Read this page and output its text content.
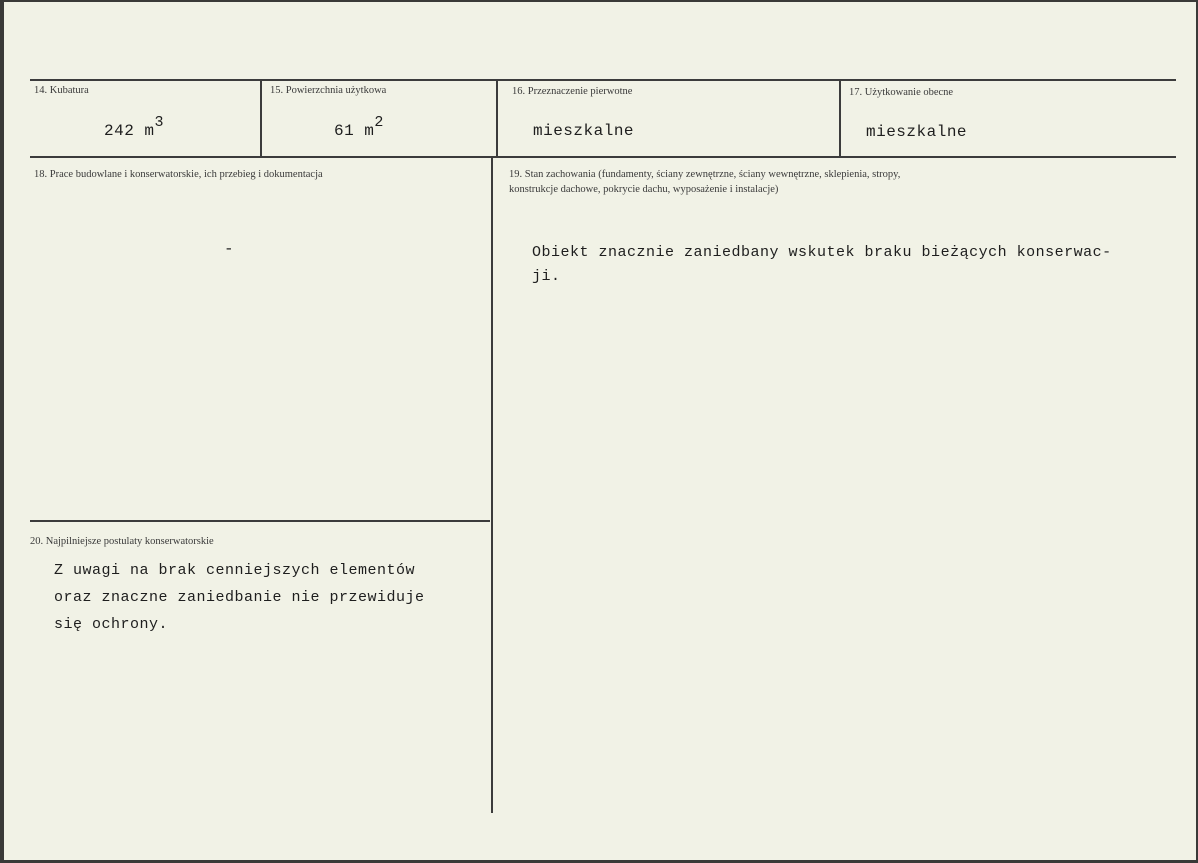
14. Kubatura
242 m3
15. Powierzchnia użytkowa
61 m2
16. Przeznaczenie pierwotne
mieszkalne
17. Użytkowanie obecne
mieszkalne
18. Prace budowlane i konserwatorskie, ich przebieg i dokumentacja
-
19. Stan zachowania (fundamenty, ściany zewnętrzne, ściany wewnętrzne, sklepienia, stropy,
konstrukcje dachowe, pokrycie dachu, wyposażenie i instalacje)
Obiekt znacznie zaniedbany wskutek braku bieżących konserwac-
ji.
20. Najpilniejsze postulaty konserwatorskie
Z uwagi na brak cenniejszych elementów
oraz znaczne zaniedbanie nie przewiduje
się ochrony.
